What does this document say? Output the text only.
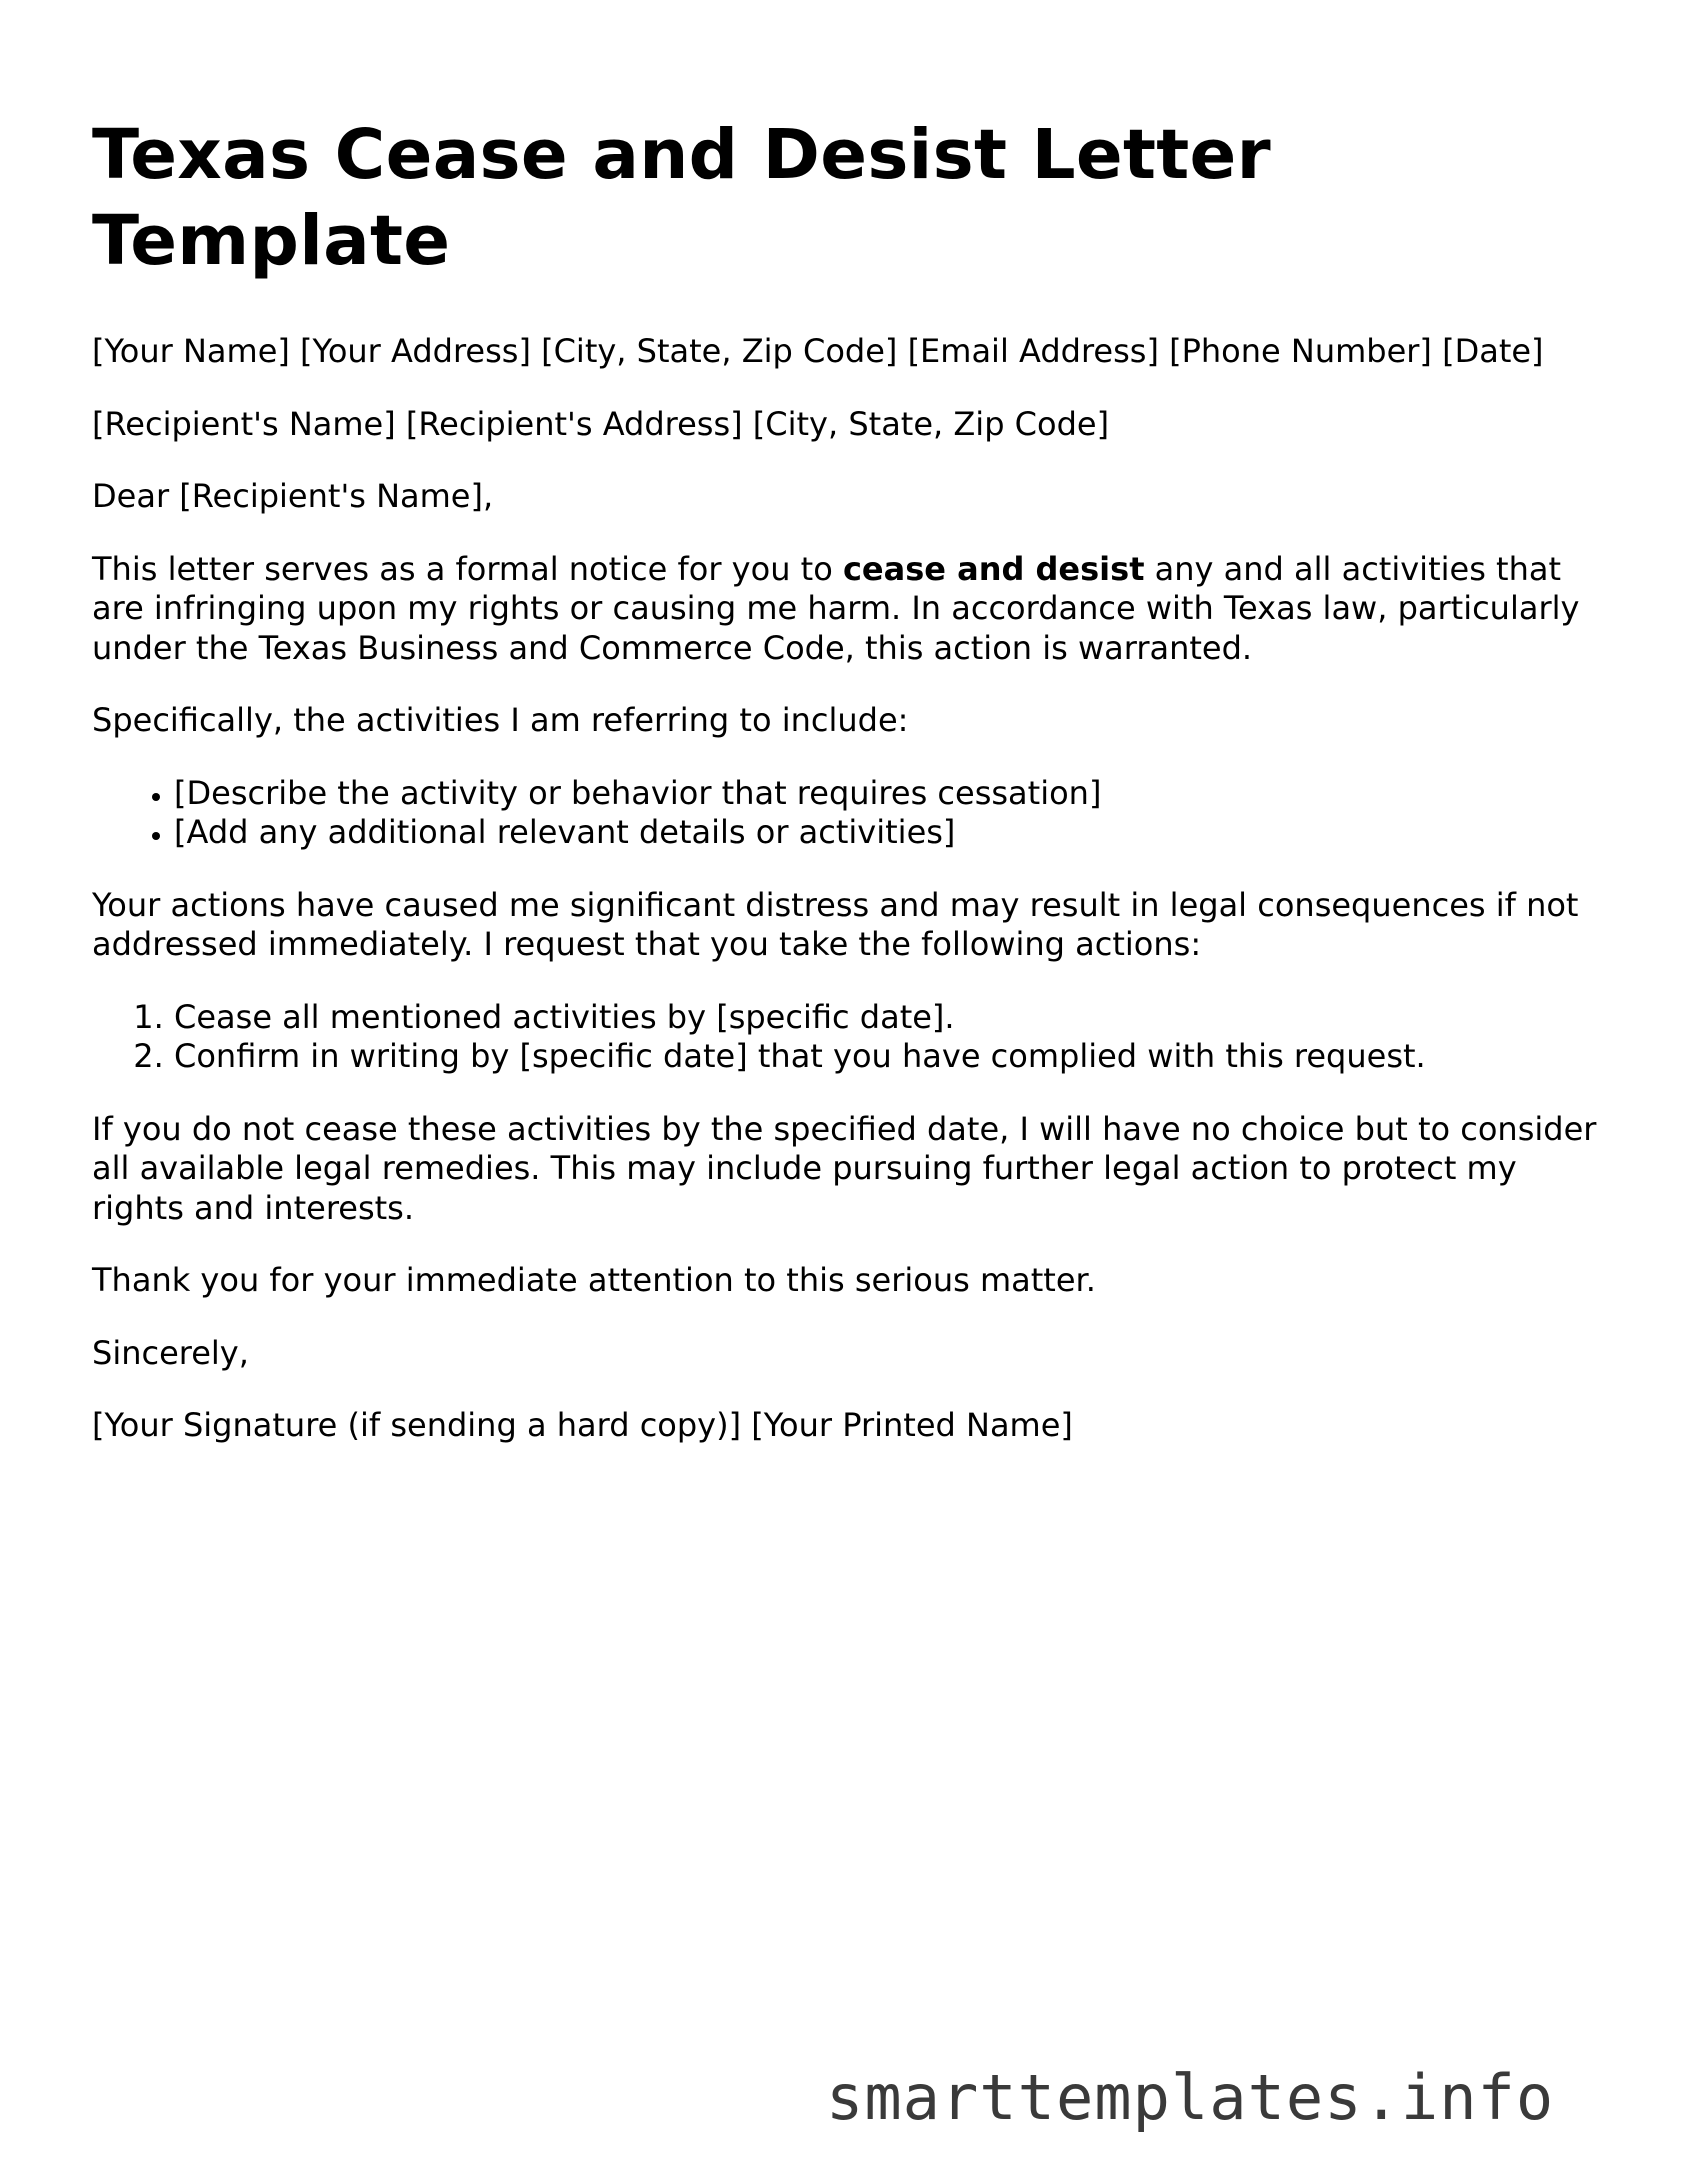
Texas Cease and Desist Letter Template

[Your Name] [Your Address] [City, State, Zip Code] [Email Address] [Phone Number] [Date]

[Recipient's Name] [Recipient's Address] [City, State, Zip Code]

Dear [Recipient's Name],

This letter serves as a formal notice for you to cease and desist any and all activities that are infringing upon my rights or causing me harm. In accordance with Texas law, particularly under the Texas Business and Commerce Code, this action is warranted.

Specifically, the activities I am referring to include:

• [Describe the activity or behavior that requires cessation]
• [Add any additional relevant details or activities]

Your actions have caused me significant distress and may result in legal consequences if not addressed immediately. I request that you take the following actions:

1. Cease all mentioned activities by [specific date].
2. Confirm in writing by [specific date] that you have complied with this request.

If you do not cease these activities by the specified date, I will have no choice but to consider all available legal remedies. This may include pursuing further legal action to protect my rights and interests.

Thank you for your immediate attention to this serious matter.

Sincerely,

[Your Signature (if sending a hard copy)] [Your Printed Name]

smarttemplates.info
